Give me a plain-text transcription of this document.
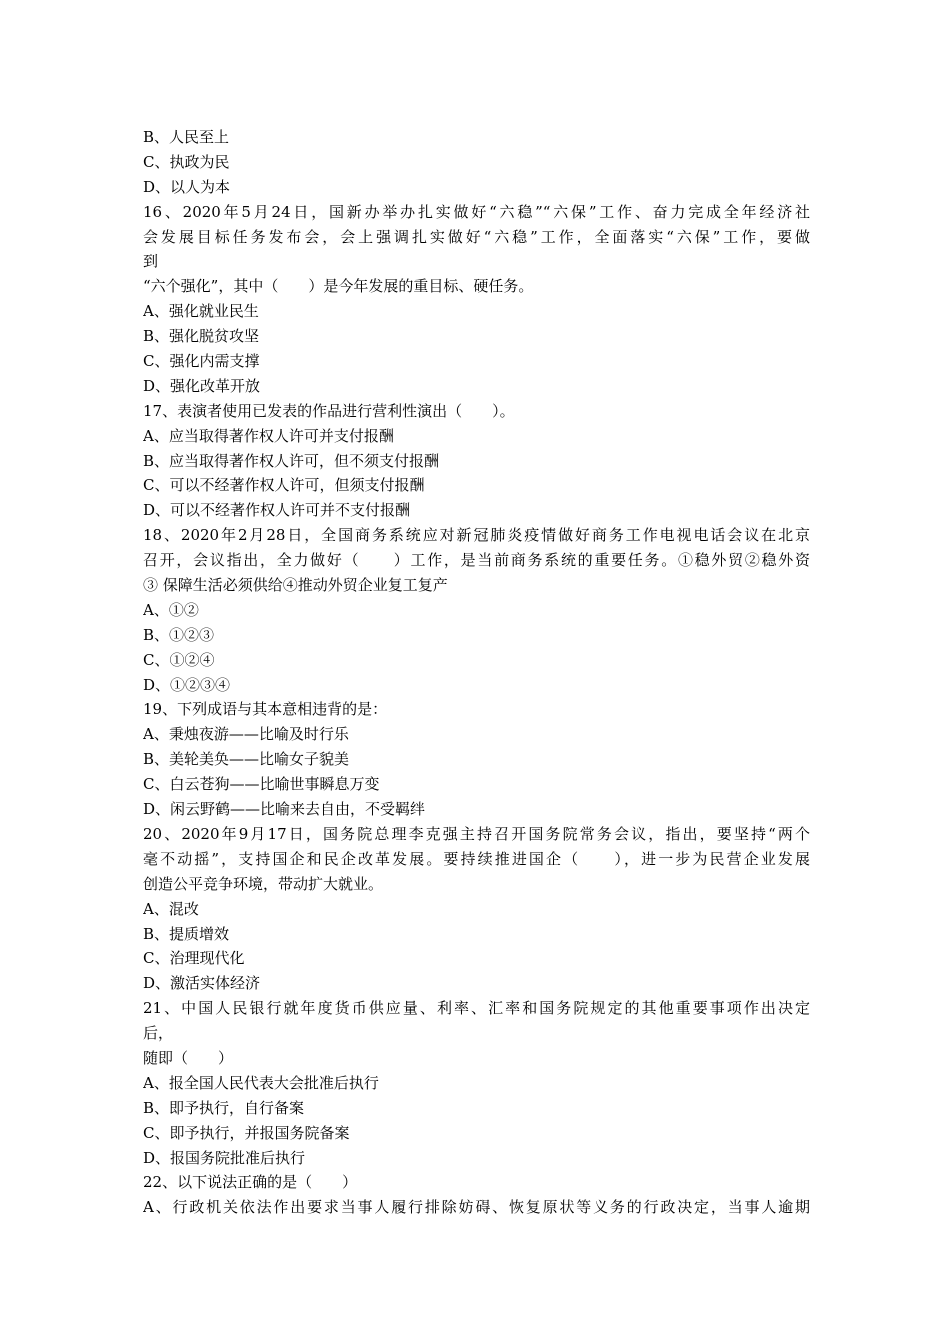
B、人民至上
C、执政为民
D、以人为本
16、2020年5月24日，国新办举办扎实做好“六稳”“六保”工作、奋力完成全年经济社
会发展目标任务发布会，会上强调扎实做好“六稳”工作，全面落实“六保”工作，要做
到
“六个强化”，其中（　　）是今年发展的重目标、硬任务。
A、强化就业民生
B、强化脱贫攻坚
C、强化内需支撑
D、强化改革开放
17、表演者使用已发表的作品进行营利性演出（　　）。
A、应当取得著作权人许可并支付报酬
B、应当取得著作权人许可，但不须支付报酬
C、可以不经著作权人许可，但须支付报酬
D、可以不经著作权人许可并不支付报酬
18、2020年2月28日，全国商务系统应对新冠肺炎疫情做好商务工作电视电话会议在北京
召开，会议指出，全力做好（　　）工作，是当前商务系统的重要任务。①稳外贸②稳外资
③ 保障生活必须供给④推动外贸企业复工复产
A、①②
B、①②③
C、①②④
D、①②③④
19、下列成语与其本意相违背的是：
A、秉烛夜游——比喻及时行乐
B、美轮美奂——比喻女子貌美
C、白云苍狗——比喻世事瞬息万变
D、闲云野鹤——比喻来去自由，不受羁绊
20、2020年9月17日，国务院总理李克强主持召开国务院常务会议，指出，要坚持“两个
毫不动摇”，支持国企和民企改革发展。要持续推进国企（　　），进一步为民营企业发展
创造公平竞争环境，带动扩大就业。
A、混改
B、提质增效
C、治理现代化
D、激活实体经济
21、中国人民银行就年度货币供应量、利率、汇率和国务院规定的其他重要事项作出决定
后，
随即（　　）
A、报全国人民代表大会批准后执行
B、即予执行，自行备案
C、即予执行，并报国务院备案
D、报国务院批准后执行
22、以下说法正确的是（　　）
A、行政机关依法作出要求当事人履行排除妨碍、恢复原状等义务的行政决定，当事人逾期
